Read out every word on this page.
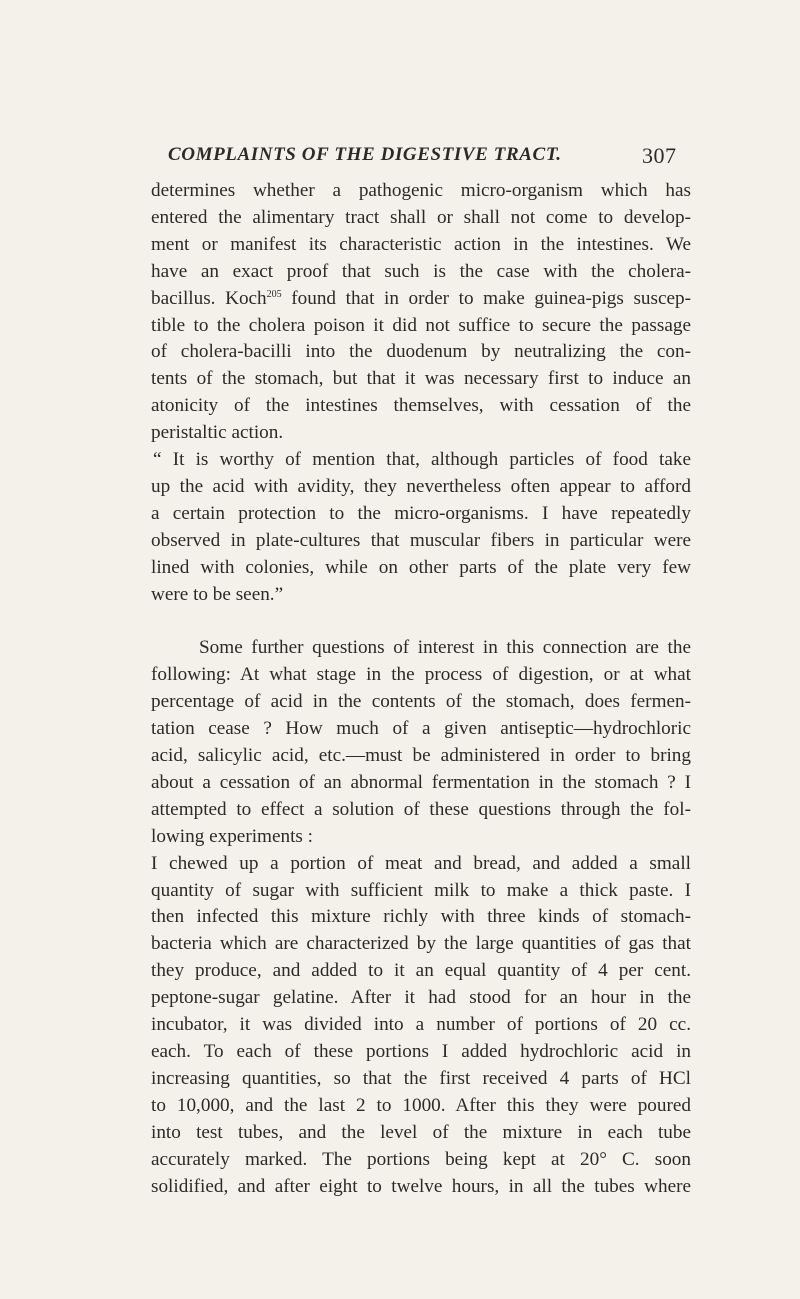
COMPLAINTS OF THE DIGESTIVE TRACT.	307
determines whether a pathogenic micro-organism which has
entered the alimentary tract shall or shall not come to develop-
ment or manifest its characteristic action in the intestines. We
have an exact proof that such is the case with the cholera-
bacillus. Koch$^{205}$ found that in order to make guinea-pigs suscep-
tible to the cholera poison it did not suffice to secure the passage
of cholera-bacilli into the duodenum by neutralizing the con-
tents of the stomach, but that it was necessary first to induce an
atonicity of the intestines themselves, with cessation of the
peristaltic action.
“ It is worthy of mention that, although particles of food take
up the acid with avidity, they nevertheless often appear to afford
a certain protection to the micro-organisms. I have repeatedly
observed in plate-cultures that muscular fibers in particular were
lined with colonies, while on other parts of the plate very few
were to be seen.”
Some further questions of interest in this connection are the
following: At what stage in the process of digestion, or at what
percentage of acid in the contents of the stomach, does fermen-
tation cease ? How much of a given antiseptic—hydrochloric
acid, salicylic acid, etc.—must be administered in order to bring
about a cessation of an abnormal fermentation in the stomach ? I
attempted to effect a solution of these questions through the fol-
lowing experiments :
I chewed up a portion of meat and bread, and added a small
quantity of sugar with sufficient milk to make a thick paste. I
then infected this mixture richly with three kinds of stomach-
bacteria which are characterized by the large quantities of gas that
they produce, and added to it an equal quantity of 4 per cent.
peptone-sugar gelatine. After it had stood for an hour in the
incubator, it was divided into a number of portions of 20 cc.
each. To each of these portions I added hydrochloric acid in
increasing quantities, so that the first received 4 parts of HCl
to 10,000, and the last 2 to 1000. After this they were poured
into test tubes, and the level of the mixture in each tube
accurately marked. The portions being kept at 20° C. soon
solidified, and after eight to twelve hours, in all the tubes where
